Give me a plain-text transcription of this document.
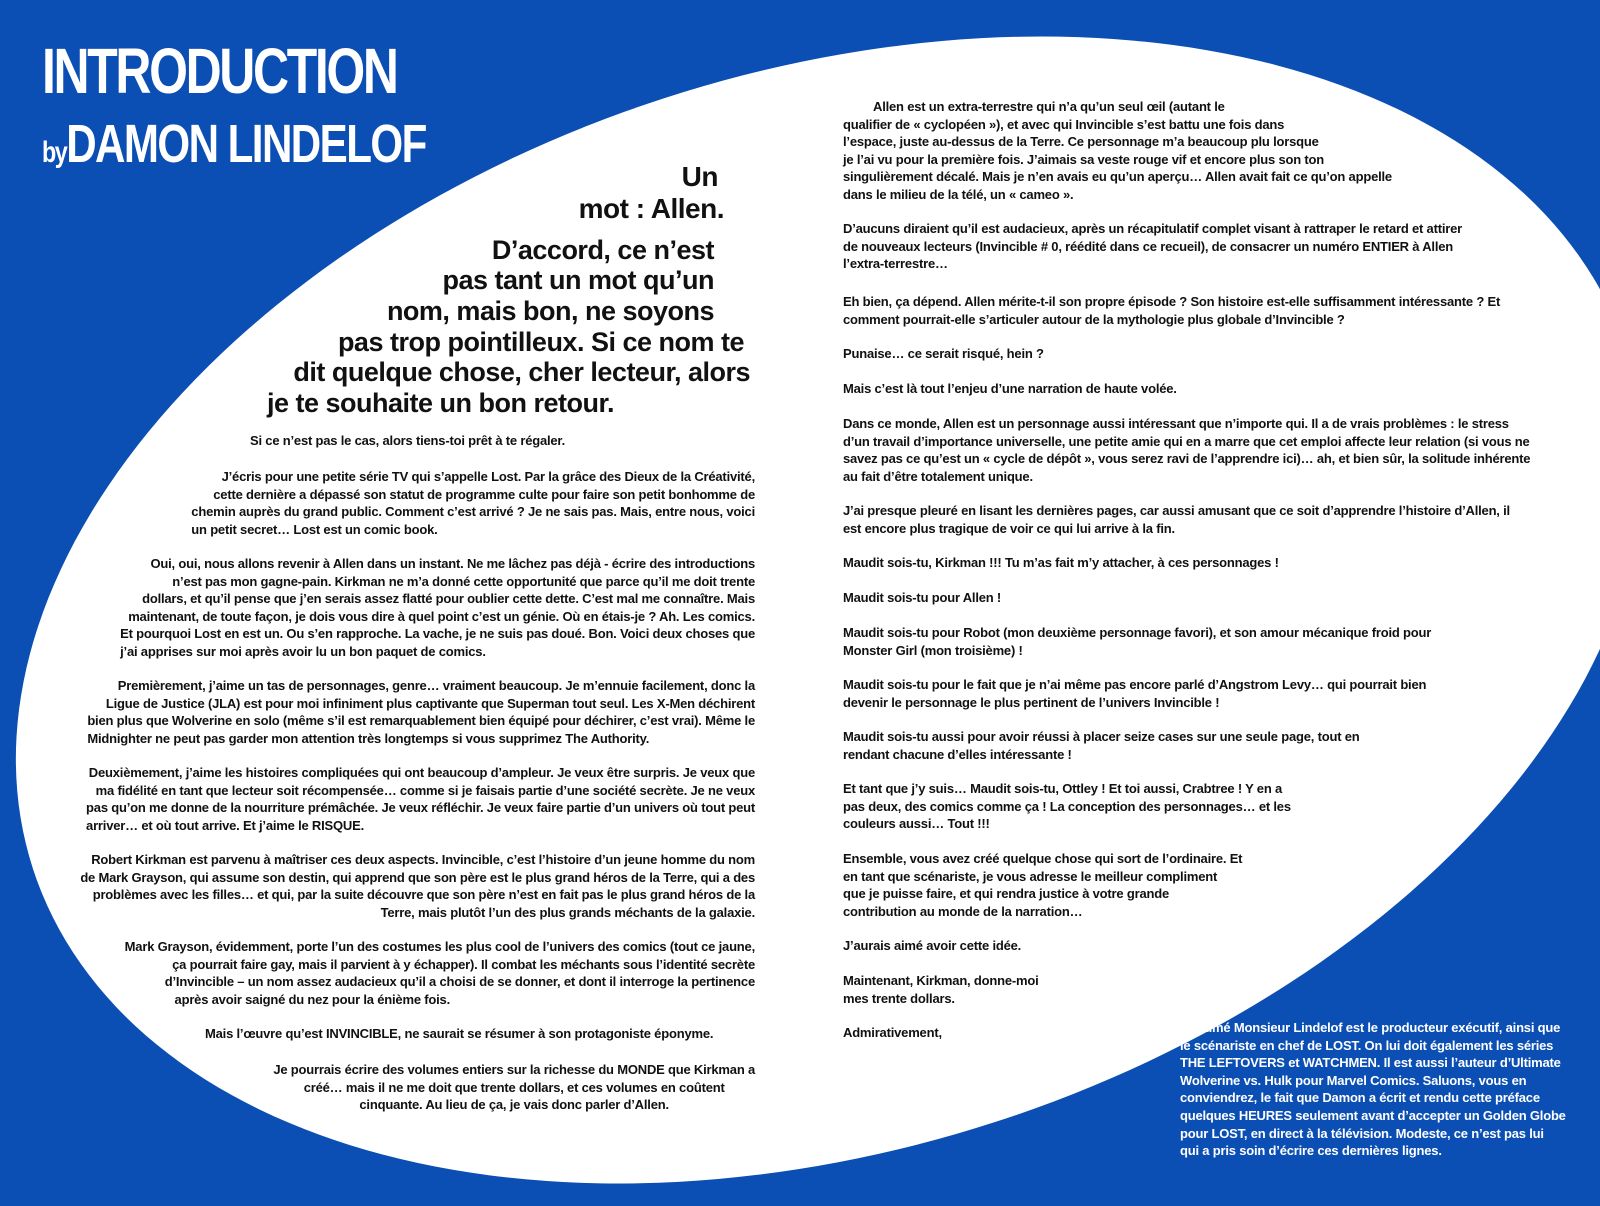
INTRODUCTION
byDAMON LINDELOF

Un

mot : Allen.

D’accord, ce n’est

pas tant un mot qu’un

nom, mais bon, ne soyons

pas trop pointilleux. Si ce nom te

dit quelque chose, cher lecteur, alors

je te souhaite un bon retour.

Si ce n’est pas le cas, alors tiens-toi prêt à te régaler.
J’écris pour une petite série TV qui s’appelle Lost. Par la grâce des Dieux de la Créativité,
cette dernière a dépassé son statut de programme culte pour faire son petit bonhomme de
chemin auprès du grand public. Comment c’est arrivé ? Je ne sais pas. Mais, entre nous, voici
un petit secret… Lost est un comic book.
Oui, oui, nous allons revenir à Allen dans un instant. Ne me lâchez pas déjà - écrire des introductions
n’est pas mon gagne-pain. Kirkman ne m’a donné cette opportunité que parce qu’il me doit trente
dollars, et qu’il pense que j’en serais assez flatté pour oublier cette dette. C’est mal me connaître. Mais
maintenant, de toute façon, je dois vous dire à quel point c’est un génie. Où en étais-je ? Ah. Les comics.
Et pourquoi Lost en est un. Ou s’en rapproche. La vache, je ne suis pas doué. Bon. Voici deux choses que
j’ai apprises sur moi après avoir lu un bon paquet de comics.
Premièrement, j’aime un tas de personnages, genre… vraiment beaucoup. Je m’ennuie facilement, donc la
Ligue de Justice (JLA) est pour moi infiniment plus captivante que Superman tout seul. Les X-Men déchirent
bien plus que Wolverine en solo (même s’il est remarquablement bien équipé pour déchirer, c’est vrai). Même le
Midnighter ne peut pas garder mon attention très longtemps si vous supprimez The Authority.
Deuxièmement, j’aime les histoires compliquées qui ont beaucoup d’ampleur. Je veux être surpris. Je veux que
ma fidélité en tant que lecteur soit récompensée… comme si je faisais partie d’une société secrète. Je ne veux
pas qu’on me donne de la nourriture prémâchée. Je veux réfléchir. Je veux faire partie d’un univers où tout peut
arriver… et où tout arrive. Et j’aime le RISQUE.
Robert Kirkman est parvenu à maîtriser ces deux aspects. Invincible, c’est l’histoire d’un jeune homme du nom
de Mark Grayson, qui assume son destin, qui apprend que son père est le plus grand héros de la Terre, qui a des
problèmes avec les filles… et qui, par la suite découvre que son père n’est en fait pas le plus grand héros de la
Terre, mais plutôt l’un des plus grands méchants de la galaxie.
Mark Grayson, évidemment, porte l’un des costumes les plus cool de l’univers des comics (tout ce jaune,
ça pourrait faire gay, mais il parvient à y échapper). Il combat les méchants sous l’identité secrète
d’Invincible – un nom assez audacieux qu’il a choisi de se donner, et dont il interroge la pertinence
après avoir saigné du nez pour la énième fois.
Mais l’œuvre qu’est INVINCIBLE, ne saurait se résumer à son protagoniste éponyme.
Je pourrais écrire des volumes entiers sur la richesse du MONDE que Kirkman a
créé… mais il ne me doit que trente dollars, et ces volumes en coûtent
cinquante. Au lieu de ça, je vais donc parler d’Allen.
Allen est un extra-terrestre qui n’a qu’un seul œil (autant le
qualifier de « cyclopéen »), et avec qui Invincible s’est battu une fois dans
l’espace, juste au-dessus de la Terre. Ce personnage m’a beaucoup plu lorsque
je l’ai vu pour la première fois. J’aimais sa veste rouge vif et encore plus son ton
singulièrement décalé. Mais je n’en avais eu qu’un aperçu… Allen avait fait ce qu’on appelle
dans le milieu de la télé, un « cameo ».
D’aucuns diraient qu’il est audacieux, après un récapitulatif complet visant à rattraper le retard et attirer
de nouveaux lecteurs (Invincible # 0, réédité dans ce recueil), de consacrer un numéro ENTIER à Allen
l’extra-terrestre…
Eh bien, ça dépend. Allen mérite-t-il son propre épisode ? Son histoire est-elle suffisamment intéressante ? Et
comment pourrait-elle s’articuler autour de la mythologie plus globale d’Invincible ?
Punaise… ce serait risqué, hein ?
Mais c’est là tout l’enjeu d’une narration de haute volée.
Dans ce monde, Allen est un personnage aussi intéressant que n’importe qui. Il a de vrais problèmes : le stress
d’un travail d’importance universelle, une petite amie qui en a marre que cet emploi affecte leur relation (si vous ne
savez pas ce qu’est un « cycle de dépôt », vous serez ravi de l’apprendre ici)… ah, et bien sûr, la solitude inhérente
au fait d’être totalement unique.
J’ai presque pleuré en lisant les dernières pages, car aussi amusant que ce soit d’apprendre l’histoire d’Allen, il
est encore plus tragique de voir ce qui lui arrive à la fin.
Maudit sois-tu, Kirkman !!! Tu m’as fait m’y attacher, à ces personnages !
Maudit sois-tu pour Allen !
Maudit sois-tu pour Robot (mon deuxième personnage favori), et son amour mécanique froid pour
Monster Girl (mon troisième) !
Maudit sois-tu pour le fait que je n’ai même pas encore parlé d’Angstrom Levy… qui pourrait bien
devenir le personnage le plus pertinent de l’univers Invincible !
Maudit sois-tu aussi pour avoir réussi à placer seize cases sur une seule page, tout en
rendant chacune d’elles intéressante !
Et tant que j’y suis… Maudit sois-tu, Ottley ! Et toi aussi, Crabtree ! Y en a
pas deux, des comics comme ça ! La conception des personnages… et les
couleurs aussi… Tout !!!
Ensemble, vous avez créé quelque chose qui sort de l’ordinaire. Et
en tant que scénariste, je vous adresse le meilleur compliment
que je puisse faire, et qui rendra justice à votre grande
contribution au monde de la narration…
J’aurais aimé avoir cette idée.
Maintenant, Kirkman, donne-moi
mes trente dollars.
Admirativement,
Damon Lindelof
Janvier 2006
L’estimé Monsieur Lindelof est le producteur exécutif, ainsi que
le scénariste en chef de LOST. On lui doit également les séries
THE LEFTOVERS et WATCHMEN. Il est aussi l’auteur d’Ultimate
Wolverine vs. Hulk pour Marvel Comics. Saluons, vous en
conviendrez, le fait que Damon a écrit et rendu cette préface
quelques HEURES seulement avant d’accepter un Golden Globe
pour LOST, en direct à la télévision. Modeste, ce n’est pas lui
qui a pris soin d’écrire ces dernières lignes.
